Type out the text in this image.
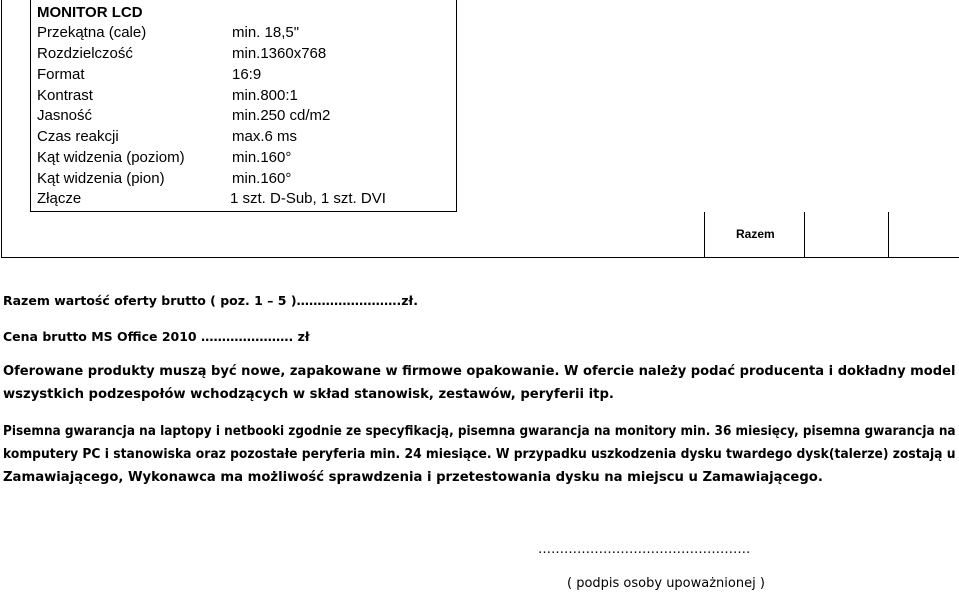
MONITOR LCD
Przekątna (cale)	min. 18,5"
Rozdzielczość	min.1360x768
Format	16:9
Kontrast	min.800:1
Jasność	min.250 cd/m2
Czas reakcji	max.6 ms
Kąt widzenia (poziom)	min.160°
Kąt widzenia (pion)	min.160°
Złącze	1 szt. D-Sub, 1 szt. DVI
Razem
Razem wartość oferty brutto ( poz. 1 – 5 )…………………….zł.
Cena brutto MS Office 2010 …………………. zł
Oferowane produkty muszą być nowe, zapakowane w firmowe opakowanie. W ofercie należy podać producenta i dokładny model
wszystkich podzespołów wchodzących w skład stanowisk, zestawów, peryferii itp.
Pisemna gwarancja na laptopy i netbooki zgodnie ze specyfikacją, pisemna gwarancja na monitory min. 36 miesięcy, pisemna gwarancja na
komputery PC i stanowiska oraz pozostałe peryferia min. 24 miesiące. W przypadku uszkodzenia dysku twardego dysk(talerze) zostają u
Zamawiającego, Wykonawca ma możliwość sprawdzenia i przetestowania dysku na miejscu u Zamawiającego.
………………………………………….
( podpis osoby upoważnionej )
